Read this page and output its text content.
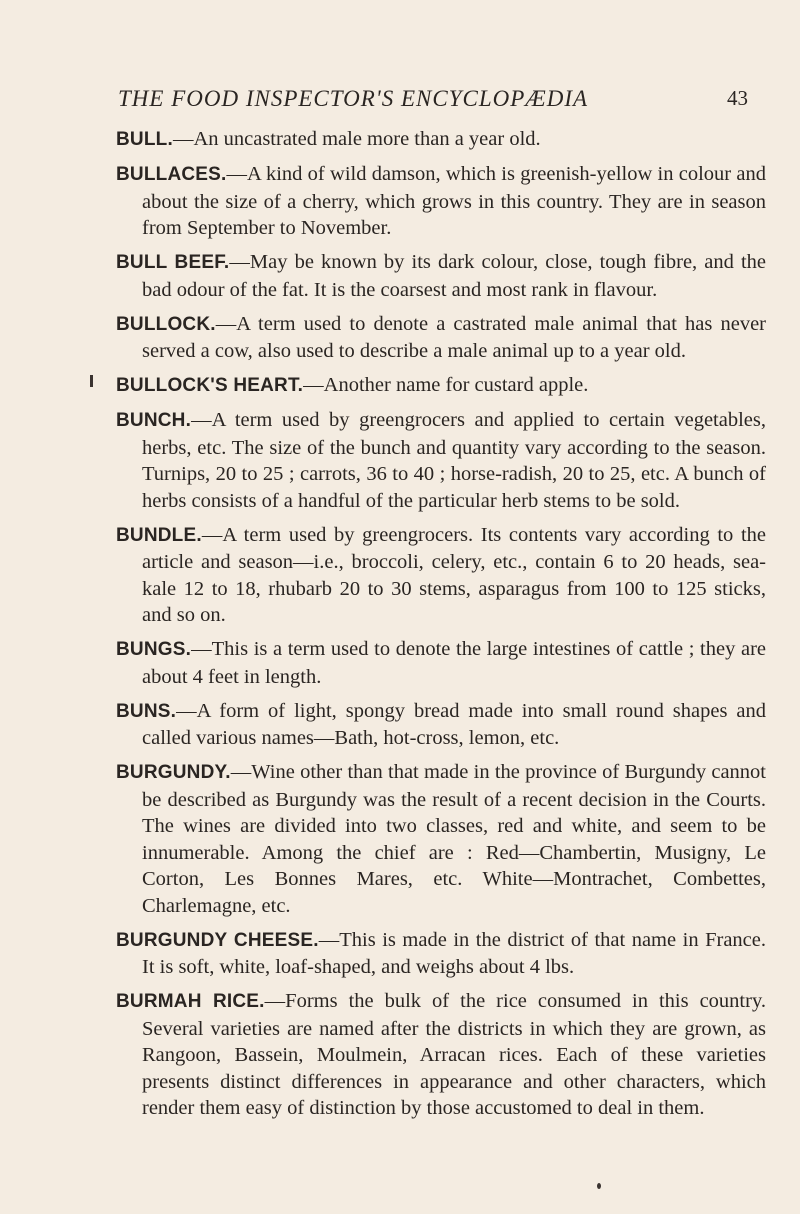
THE FOOD INSPECTOR'S ENCYCLOPÆDIA	43

BULL.—An uncastrated male more than a year old.

BULLACES.—A kind of wild damson, which is greenish-yellow in colour and about the size of a cherry, which grows in this country. They are in season from September to November.

BULL BEEF.—May be known by its dark colour, close, tough fibre, and the bad odour of the fat. It is the coarsest and most rank in flavour.

BULLOCK.—A term used to denote a castrated male animal that has never served a cow, also used to describe a male animal up to a year old.

BULLOCK'S HEART.—Another name for custard apple.

BUNCH.—A term used by greengrocers and applied to certain vegetables, herbs, etc. The size of the bunch and quantity vary according to the season. Turnips, 20 to 25 ; carrots, 36 to 40 ; horse-radish, 20 to 25, etc. A bunch of herbs consists of a handful of the particular herb stems to be sold.

BUNDLE.—A term used by greengrocers. Its contents vary according to the article and season—i.e., broccoli, celery, etc., contain 6 to 20 heads, sea-kale 12 to 18, rhubarb 20 to 30 stems, asparagus from 100 to 125 sticks, and so on.

BUNGS.—This is a term used to denote the large intestines of cattle ; they are about 4 feet in length.

BUNS.—A form of light, spongy bread made into small round shapes and called various names—Bath, hot-cross, lemon, etc.

BURGUNDY.—Wine other than that made in the province of Burgundy cannot be described as Burgundy was the result of a recent decision in the Courts. The wines are divided into two classes, red and white, and seem to be innumerable. Among the chief are : Red—Chambertin, Musigny, Le Corton, Les Bonnes Mares, etc. White—Montrachet, Combettes, Charlemagne, etc.

BURGUNDY CHEESE.—This is made in the district of that name in France. It is soft, white, loaf-shaped, and weighs about 4 lbs.

BURMAH RICE.—Forms the bulk of the rice consumed in this country. Several varieties are named after the districts in which they are grown, as Rangoon, Bassein, Moulmein, Arracan rices. Each of these varieties presents distinct differences in appearance and other characters, which render them easy of distinction by those accustomed to deal in them.
